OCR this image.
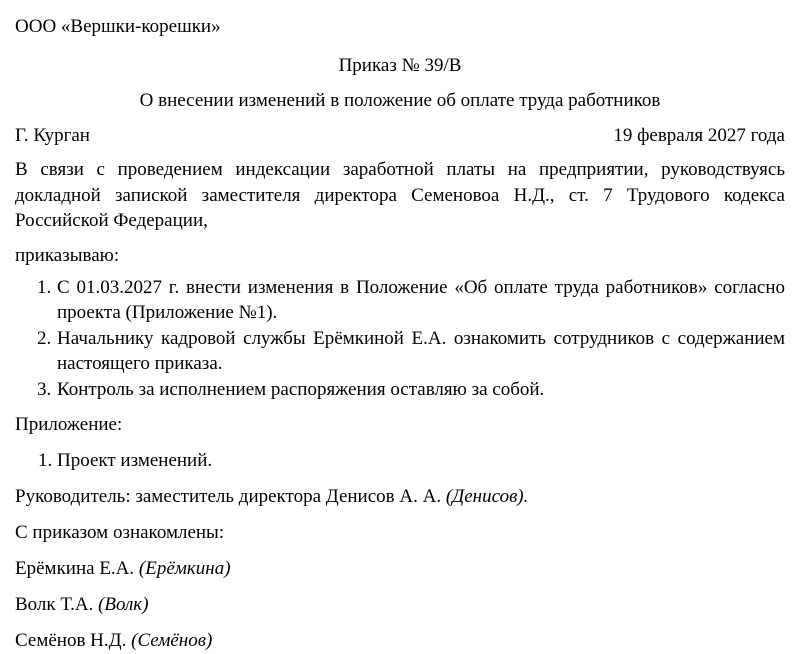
ООО «Вершки-корешки»

Приказ № 39/В

О внесении изменений в положение об оплате труда работников

Г. Курган	19 февраля 2027 года

В связи с проведением индексации заработной платы на предприятии, руководствуясь докладной запиской заместителя директора Семеновоа Н.Д., ст. 7 Трудового кодекса Российской Федерации,

приказываю:

1. С 01.03.2027 г. внести изменения в Положение «Об оплате труда работников» согласно проекта (Приложение №1).
2. Начальнику кадровой службы Ерёмкиной Е.А. ознакомить сотрудников с содержанием настоящего приказа.
3. Контроль за исполнением распоряжения оставляю за собой.

Приложение:

1. Проект изменений.

Руководитель: заместитель директора Денисов А. А. (Денисов).

С приказом ознакомлены:

Ерёмкина Е.А. (Ерёмкина)

Волк Т.А. (Волк)

Семёнов Н.Д. (Семёнов)
